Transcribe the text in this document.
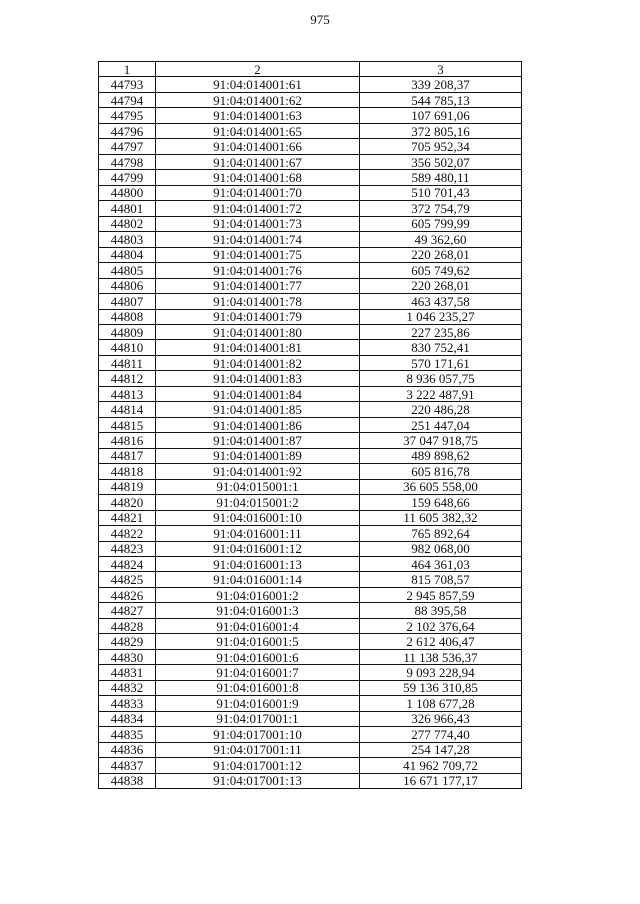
975
1	2	3
44793	91:04:014001:61	339 208,37
44794	91:04:014001:62	544 785,13
44795	91:04:014001:63	107 691,06
44796	91:04:014001:65	372 805,16
44797	91:04:014001:66	705 952,34
44798	91:04:014001:67	356 502,07
44799	91:04:014001:68	589 480,11
44800	91:04:014001:70	510 701,43
44801	91:04:014001:72	372 754,79
44802	91:04:014001:73	605 799,99
44803	91:04:014001:74	49 362,60
44804	91:04:014001:75	220 268,01
44805	91:04:014001:76	605 749,62
44806	91:04:014001:77	220 268,01
44807	91:04:014001:78	463 437,58
44808	91:04:014001:79	1 046 235,27
44809	91:04:014001:80	227 235,86
44810	91:04:014001:81	830 752,41
44811	91:04:014001:82	570 171,61
44812	91:04:014001:83	8 936 057,75
44813	91:04:014001:84	3 222 487,91
44814	91:04:014001:85	220 486,28
44815	91:04:014001:86	251 447,04
44816	91:04:014001:87	37 047 918,75
44817	91:04:014001:89	489 898,62
44818	91:04:014001:92	605 816,78
44819	91:04:015001:1	36 605 558,00
44820	91:04:015001:2	159 648,66
44821	91:04:016001:10	11 605 382,32
44822	91:04:016001:11	765 892,64
44823	91:04:016001:12	982 068,00
44824	91:04:016001:13	464 361,03
44825	91:04:016001:14	815 708,57
44826	91:04:016001:2	2 945 857,59
44827	91:04:016001:3	88 395,58
44828	91:04:016001:4	2 102 376,64
44829	91:04:016001:5	2 612 406,47
44830	91:04:016001:6	11 138 536,37
44831	91:04:016001:7	9 093 228,94
44832	91:04:016001:8	59 136 310,85
44833	91:04:016001:9	1 108 677,28
44834	91:04:017001:1	326 966,43
44835	91:04:017001:10	277 774,40
44836	91:04:017001:11	254 147,28
44837	91:04:017001:12	41 962 709,72
44838	91:04:017001:13	16 671 177,17
